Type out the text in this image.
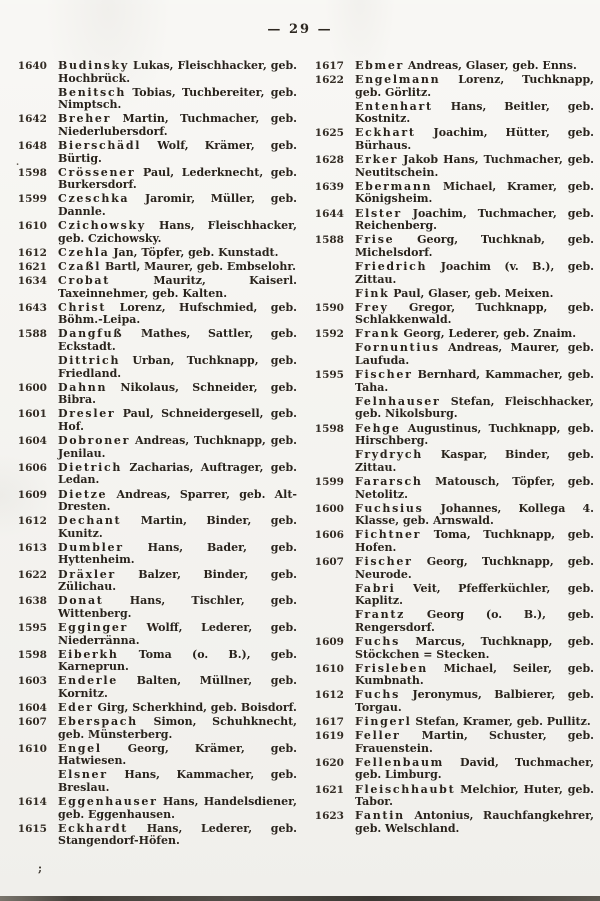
— 29 —
1640 Budinsky Lukas, Fleischhacker, geb. Hochbrück.
Benitsch Tobias, Tuchbereiter, geb. Nimptsch.
1642 Breher Martin, Tuchmacher, geb. Niederlubersdorf.
1648 Bierschädl Wolf, Krämer, geb. Bürtig.
1598 Crössener Paul, Lederknecht, geb. Burkersdorf.
1599 Czeschka Jaromir, Müller, geb. Dannle.
1610 Czichowsky Hans, Fleischhacker, geb. Czichowsky.
1612 Czehla Jan, Töpfer, geb. Kunstadt.
1621 Czaßl Bartl, Maurer, geb. Embselohr.
1634 Crobat Mauritz, Kaiserl. Taxeinnehmer, geb. Kalten.
1643 Christ Lorenz, Hufschmied, geb. Böhm.-Leipa.
1588 Dangfuß Mathes, Sattler, geb. Eckstadt.
Dittrich Urban, Tuchknapp, geb. Friedland.
1600 Dahnn Nikolaus, Schneider, geb. Bibra.
1601 Dresler Paul, Schneidergesell, geb. Hof.
1604 Dobroner Andreas, Tuchknapp, geb. Jenilau.
1606 Dietrich Zacharias, Auftrager, geb. Ledan.
1609 Dietze Andreas, Sparrer, geb. Alt-Dresten.
1612 Dechant Martin, Binder, geb. Kunitz.
1613 Dumbler Hans, Bader, geb. Hyttenheim.
1622 Dräxler Balzer, Binder, geb. Zülichau.
1638 Donat Hans, Tischler, geb. Wittenberg.
1595 Egginger Wolff, Lederer, geb. Niederränna.
1598 Eiberkh Toma (o. B.), geb. Karneprun.
1603 Enderle Balten, Müllner, geb. Kornitz.
1604 Eder Girg, Scherkhind, geb. Boisdorf.
1607 Eberspach Simon, Schuhknecht, geb. Münsterberg.
1610 Engel Georg, Krämer, geb. Hatwiesen.
Elsner Hans, Kammacher, geb. Breslau.
1614 Eggenhauser Hans, Handelsdiener, geb. Eggenhausen.
1615 Eckhardt Hans, Lederer, geb. Stangendorf-Höfen.
1617 Ebmer Andreas, Glaser, geb. Enns.
1622 Engelmann Lorenz, Tuchknapp, geb. Görlitz.
Entenhart Hans, Beitler, geb. Kostnitz.
1625 Eckhart Joachim, Hütter, geb. Bürhaus.
1628 Erker Jakob Hans, Tuchmacher, geb. Neutitschein.
1639 Ebermann Michael, Kramer, geb. Königsheim.
1644 Elster Joachim, Tuchmacher, geb. Reichenberg.
1588 Frise Georg, Tuchknab, geb. Michelsdorf.
Friedrich Joachim (v. B.), geb. Zittau.
Fink Paul, Glaser, geb. Meixen.
1590 Frey Gregor, Tuchknapp, geb. Schlakkenwald.
1592 Frank Georg, Lederer, geb. Znaim.
Fornuntius Andreas, Maurer, geb. Laufuda.
1595 Fischer Bernhard, Kammacher, geb. Taha.
Felnhauser Stefan, Fleischhacker, geb. Nikolsburg.
1598 Fehge Augustinus, Tuchknapp, geb. Hirschberg.
Frydrych Kaspar, Binder, geb. Zittau.
1599 Fararsch Matousch, Töpfer, geb. Netolitz.
1600 Fuchsius Johannes, Kollega 4. Klasse, geb. Arnswald.
1606 Fichtner Toma, Tuchknapp, geb. Hofen.
1607 Fischer Georg, Tuchknapp, geb. Neurode.
Fabri Veit, Pfefferküchler, geb. Kaplitz.
Frantz Georg (o. B.), geb. Rengersdorf.
1609 Fuchs Marcus, Tuchknapp, geb. Stöckchen = Stecken.
1610 Frisleben Michael, Seiler, geb. Kumbnath.
1612 Fuchs Jeronymus, Balbierer, geb. Torgau.
1617 Fingerl Stefan, Kramer, geb. Pullitz.
1619 Feller Martin, Schuster, geb. Frauenstein.
1620 Fellenbaum David, Tuchmacher, geb. Limburg.
1621 Fleischhaubt Melchior, Huter, geb. Tabor.
1623 Fantin Antonius, Rauchfangkehrer, geb. Welschland.
;
.
